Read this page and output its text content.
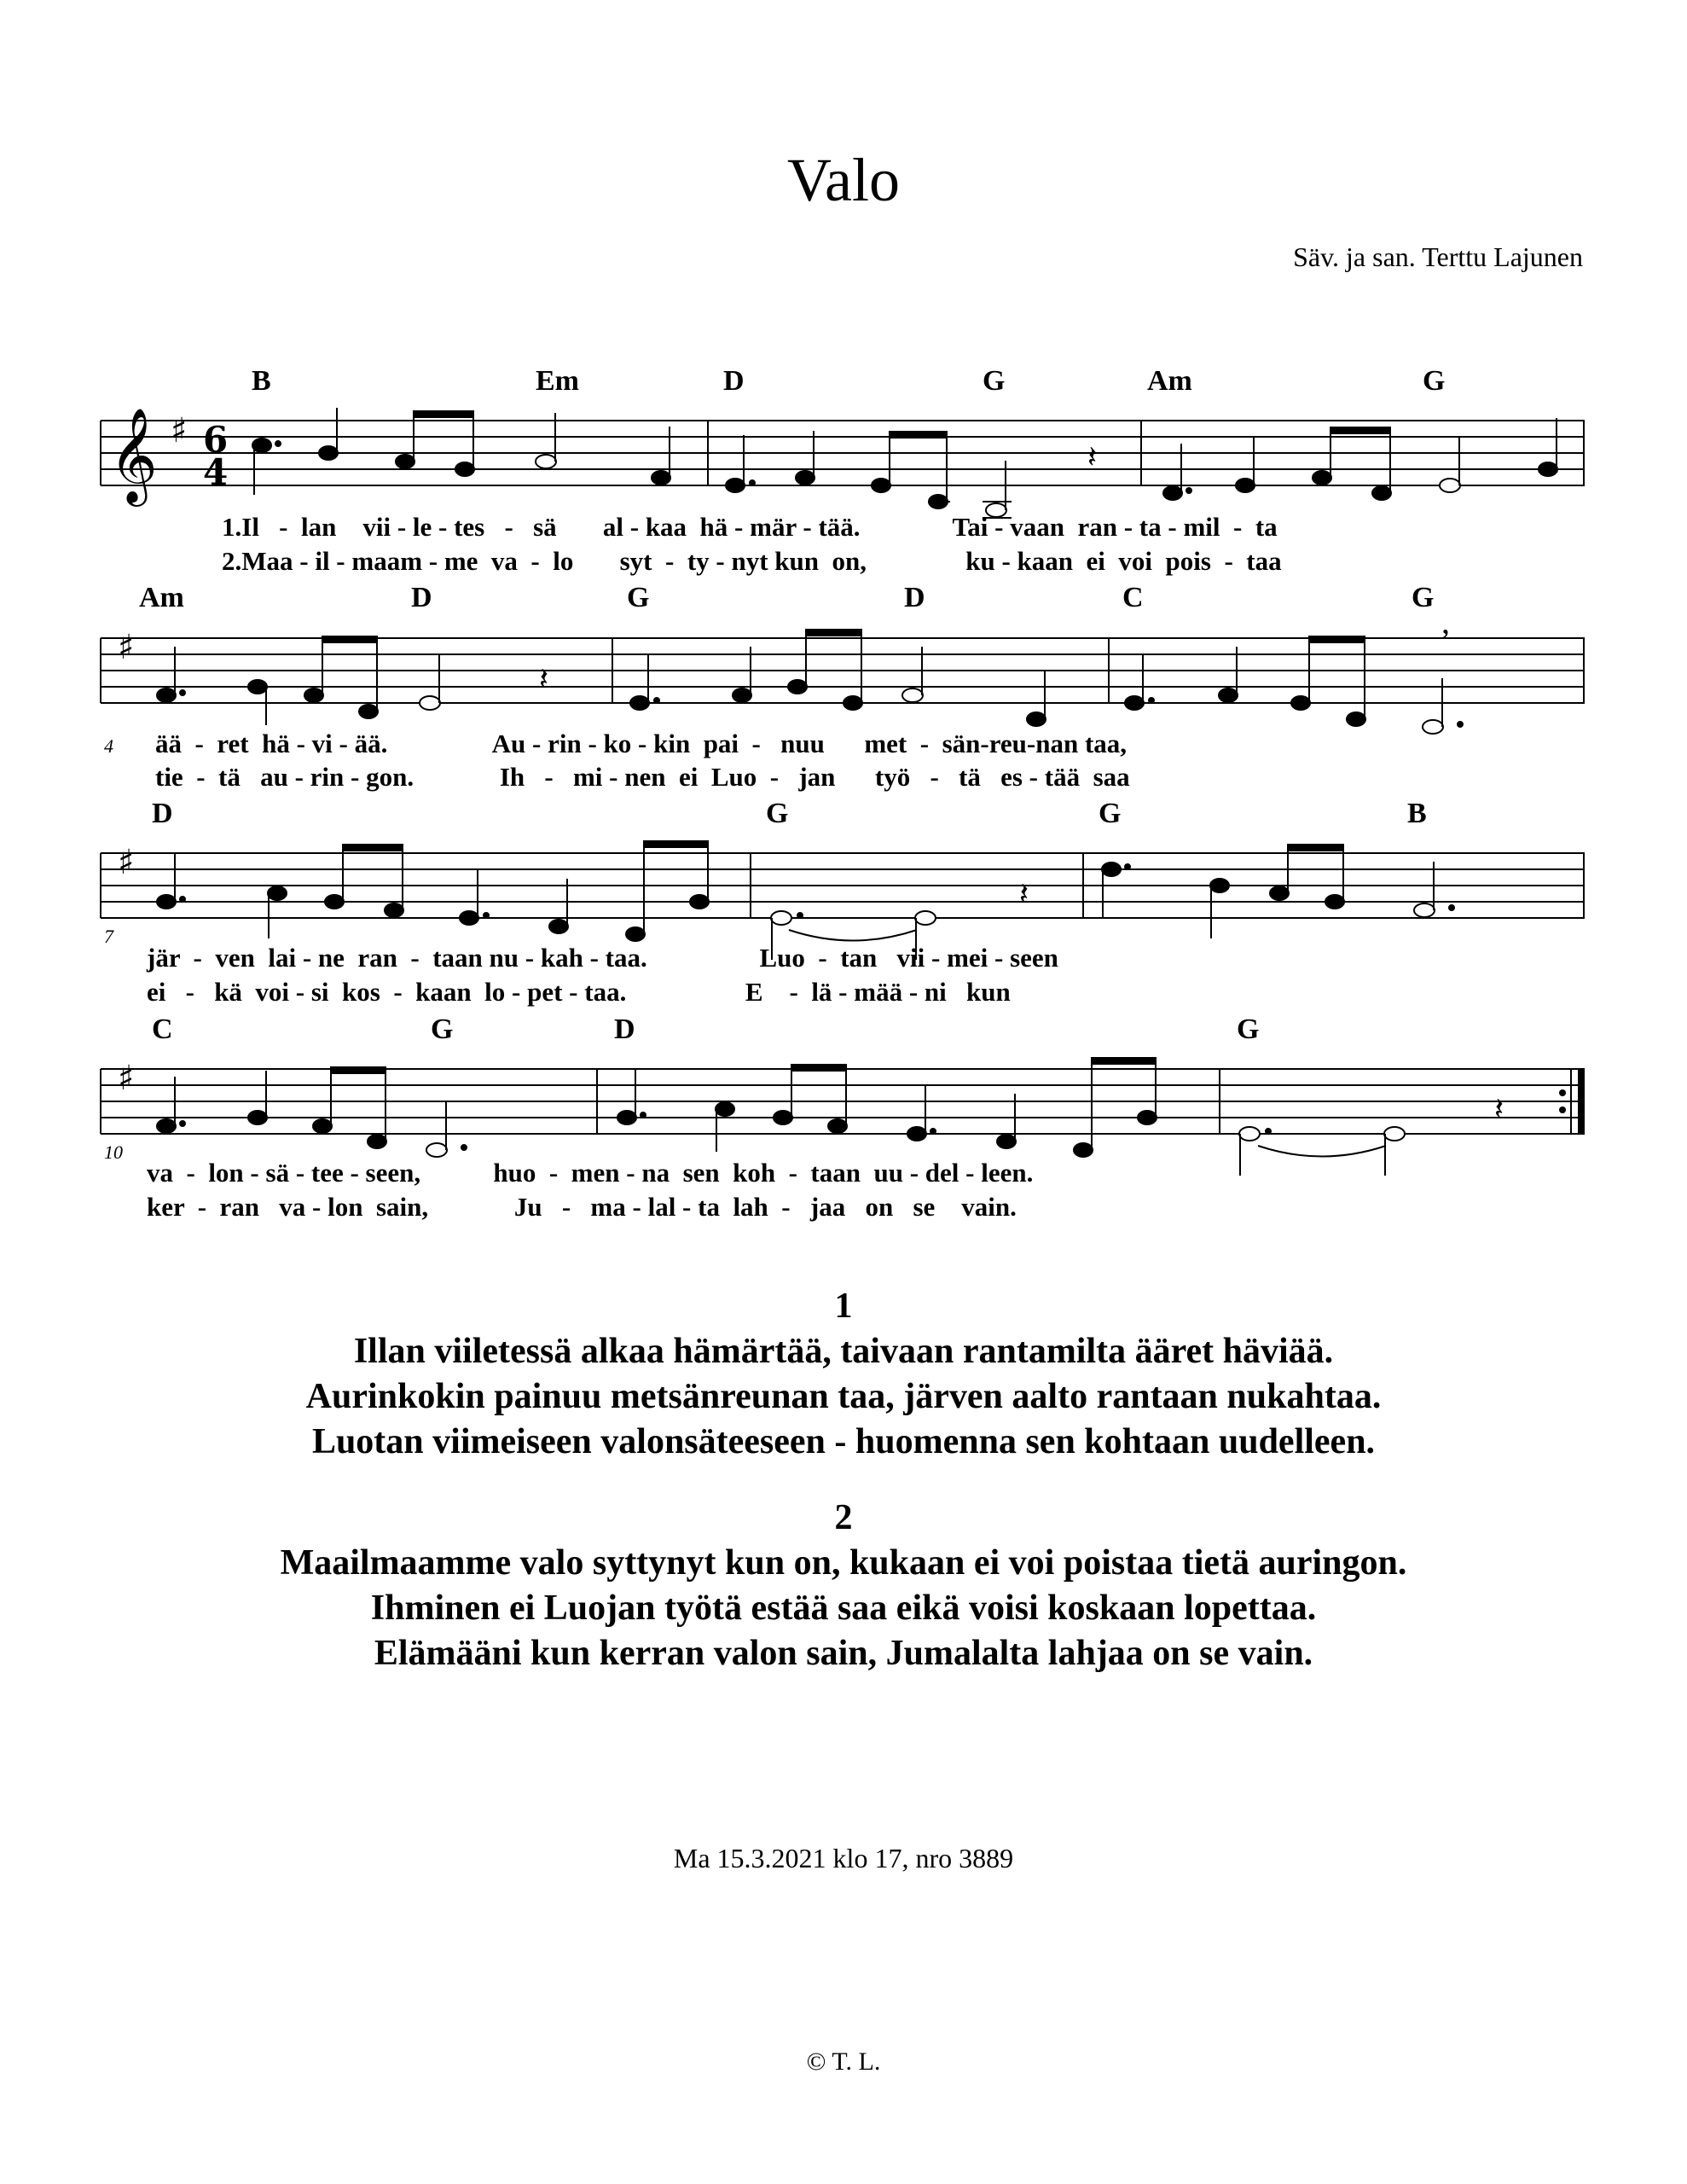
Valo
Säv. ja san. Terttu Lajunen
B	Em	D	G	Am	G
𝄞 ♯ 6
4	𝄽
1.Il   -  lan    vii - le - tes   -   sä       al - kaa  hä - mär - tää.              Tai - vaan  ran - ta - mil  -  ta
2.Maa - il - maam - me  va  -  lo       syt  -  ty - nyt kun  on,               ku - kaan  ei  voi  pois  -  taa
Am	D	G	D	C	G
♯
𝄽
,
4 ää  -  ret  hä - vi - ää.                Au - rin - ko - kin  pai  -   nuu      met  -  sän-reu-nan taa,
tie  -  tä   au - rin - gon.             Ih   -   mi - nen  ei  Luo  -   jan      työ   -   tä   es - tää  saa
D	G	G	B
♯
𝄽
7
jär  -  ven  lai - ne  ran  -  taan nu - kah - taa.                 Luo  -  tan   vii - mei - seen
ei   -   kä  voi - si  kos  -  kaan  lo - pet - taa.                  E    -  lä - mää - ni   kun
C	G	D	G
♯
𝄽
10
va  -  lon - sä - tee - seen,           huo  -  men - na  sen  koh  -  taan  uu - del - leen.
ker  -  ran   va - lon  sain,             Ju   -   ma - lal - ta  lah  -   jaa   on   se    vain.
1
Illan viiletessä alkaa hämärtää, taivaan rantamilta ääret häviää.
Aurinkokin painuu metsänreunan taa, järven aalto rantaan nukahtaa.
Luotan viimeiseen valonsäteeseen - huomenna sen kohtaan uudelleen.
2
Maailmaamme valo syttynyt kun on, kukaan ei voi poistaa tietä auringon.
Ihminen ei Luojan työtä estää saa eikä voisi koskaan lopettaa.
Elämääni kun kerran valon sain, Jumalalta lahjaa on se vain.
Ma 15.3.2021 klo 17, nro 3889
© T. L.
